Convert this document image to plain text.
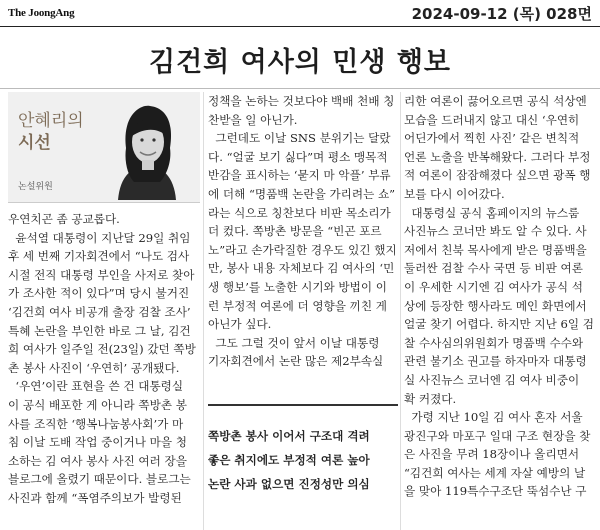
The JoongAng	2024-09-12 (목) 028면
김건희 여사의 민생 행보
안혜리의
시선
논설위원

우연치곤 좀 공교롭다.

윤석열 대통령이 지난달 29일 취임

후 세 번째 기자회견에서 “나도 검사

시절 전직 대통령 부인을 사저로 찾아

가 조사한 적이 있다”며 당시 불거진

‘김건희 여사 비공개 출장 검찰 조사’

특혜 논란을 부인한 바로 그 날, 김건

희 여사가 일주일 전(23일) 갔던 쪽방

촌 봉사 사진이 ‘우연히’ 공개됐다.

‘우연’이란 표현을 쓴 건 대통령실

이 공식 배포한 게 아니라 쪽방촌 봉

사를 조직한 ‘행복나눔봉사회’가 마

침 이날 도배 작업 중이거나 마을 청

소하는 김 여사 봉사 사진 여러 장을

블로그에 올렸기 때문이다. 블로그는

사진과 함께 “폭염주의보가 발령된

정책을 논하는 것보다야 백배 천배 칭

찬받을 일 아닌가.

그런데도 이날 SNS 분위기는 달랐

다. “얼굴 보기 싫다”며 평소 맹목적

반감을 표시하는 ‘묻지 마 악플’ 부류

에 더해 “명품백 논란을 가리려는 쇼”

라는 식으로 칭찬보다 비판 목소리가

더 컸다. 쪽방촌 방문을 “빈곤 포르

노”라고 손가락질한 경우도 있긴 했지

만, 봉사 내용 자체보다 김 여사의 ‘민

생 행보’를 노출한 시기와 방법이 이

런 부정적 여론에 더 영향을 끼친 게

아닌가 싶다.

그도 그럴 것이 앞서 이날 대통령

기자회견에서 논란 많은 제2부속실

쪽방촌 봉사 이어서 구조대 격려

좋은 취지에도 부정적 여론 높아

논란 사과 없으면 진정성만 의심

리한 여론이 끓어오르면 공식 석상엔

모습을 드러내지 않고 대신 ‘우연히

어딘가에서 찍힌 사진’ 같은 변칙적

언론 노출을 반복해왔다. 그러다 부정

적 여론이 잠잠해졌다 싶으면 광폭 행

보를 다시 이어갔다.

대통령실 공식 홈페이지의 뉴스룸

사진뉴스 코너만 봐도 알 수 있다. 사

저에서 친북 목사에게 받은 명품백을

둘러싼 검찰 수사 국면 등 비판 여론

이 우세한 시기엔 김 여사가 공식 석

상에 등장한 행사라도 메인 화면에서

얼굴 찾기 어렵다. 하지만 지난 6일 검

찰 수사심의위원회가 명품백 수수와

관련 불기소 권고를 하자마자 대통령

실 사진뉴스 코너엔 김 여사 비중이

확 커졌다.

가령 지난 10일 김 여사 혼자 서울

광진구와 마포구 일대 구조 현장을 찾

은 사진을 무려 18장이나 올리면서

“김건희 여사는 세계 자살 예방의 날

을 맞아 119특수구조단 뚝섬수난 구
